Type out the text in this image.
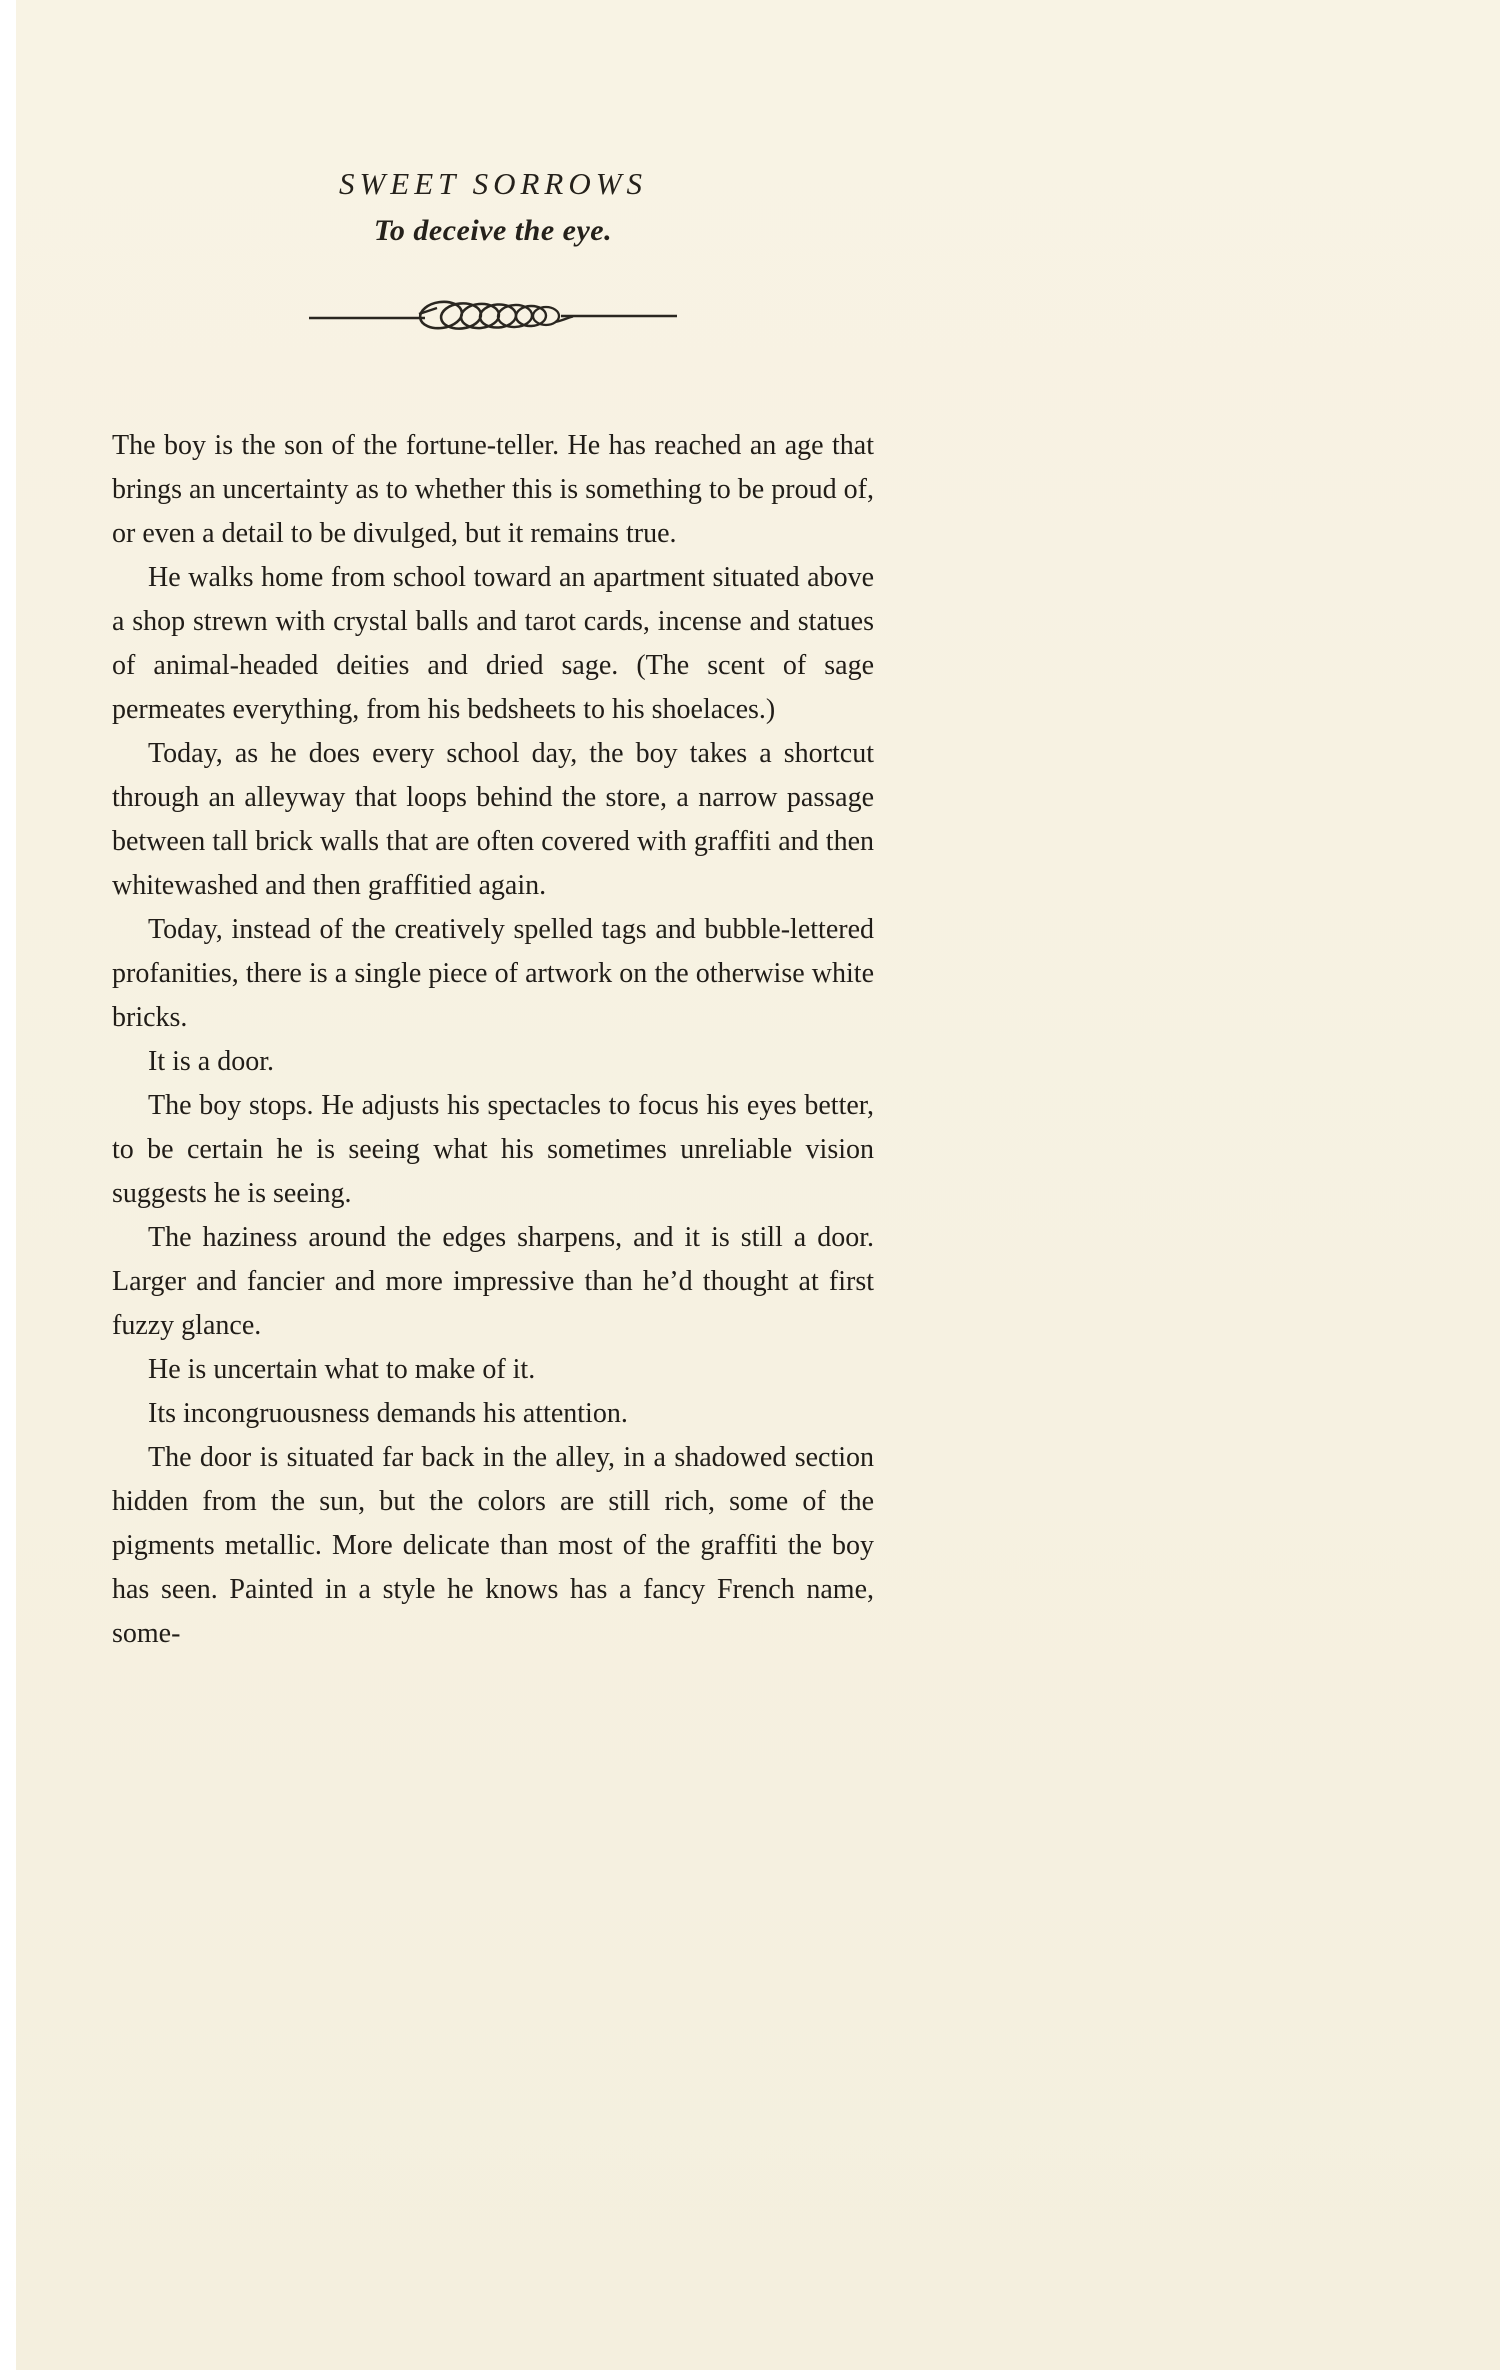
SWEET SORROWS
To deceive the eye.

The boy is the son of the fortune-teller. He has reached an age that brings an uncertainty as to whether this is something to be proud of, or even a detail to be divulged, but it remains true.

He walks home from school toward an apartment situated above a shop strewn with crystal balls and tarot cards, incense and statues of animal-headed deities and dried sage. (The scent of sage permeates everything, from his bedsheets to his shoelaces.)

Today, as he does every school day, the boy takes a shortcut through an alleyway that loops behind the store, a narrow passage between tall brick walls that are often covered with graffiti and then whitewashed and then graffitied again.

Today, instead of the creatively spelled tags and bubble-lettered profanities, there is a single piece of artwork on the otherwise white bricks.

It is a door.

The boy stops. He adjusts his spectacles to focus his eyes better, to be certain he is seeing what his sometimes unreliable vision suggests he is seeing.

The haziness around the edges sharpens, and it is still a door. Larger and fancier and more impressive than he’d thought at first fuzzy glance.

He is uncertain what to make of it.

Its incongruousness demands his attention.

The door is situated far back in the alley, in a shadowed section hidden from the sun, but the colors are still rich, some of the pigments metallic. More delicate than most of the graffiti the boy has seen. Painted in a style he knows has a fancy French name, some-
